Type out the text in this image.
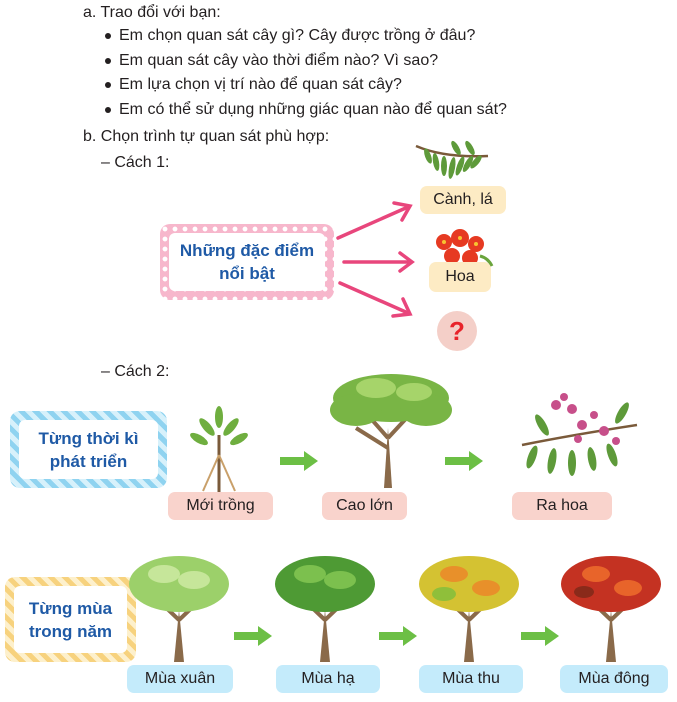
a. Trao đổi với bạn:
Em chọn quan sát cây gì? Cây được trồng ở đâu?
Em quan sát cây vào thời điểm nào? Vì sao?
Em lựa chọn vị trí nào để quan sát cây?
Em có thể sử dụng những giác quan nào để quan sát?
b. Chọn trình tự quan sát phù hợp:
– Cách 1:
Những đặc điểm
nổi bật
Cành, lá
Hoa
?
– Cách 2:
Từng thời kì
phát triển
Mới trồng	Cao lớn	Ra hoa
Từng mùa
trong năm
Mùa xuân	Mùa hạ	Mùa thu	Mùa đông
